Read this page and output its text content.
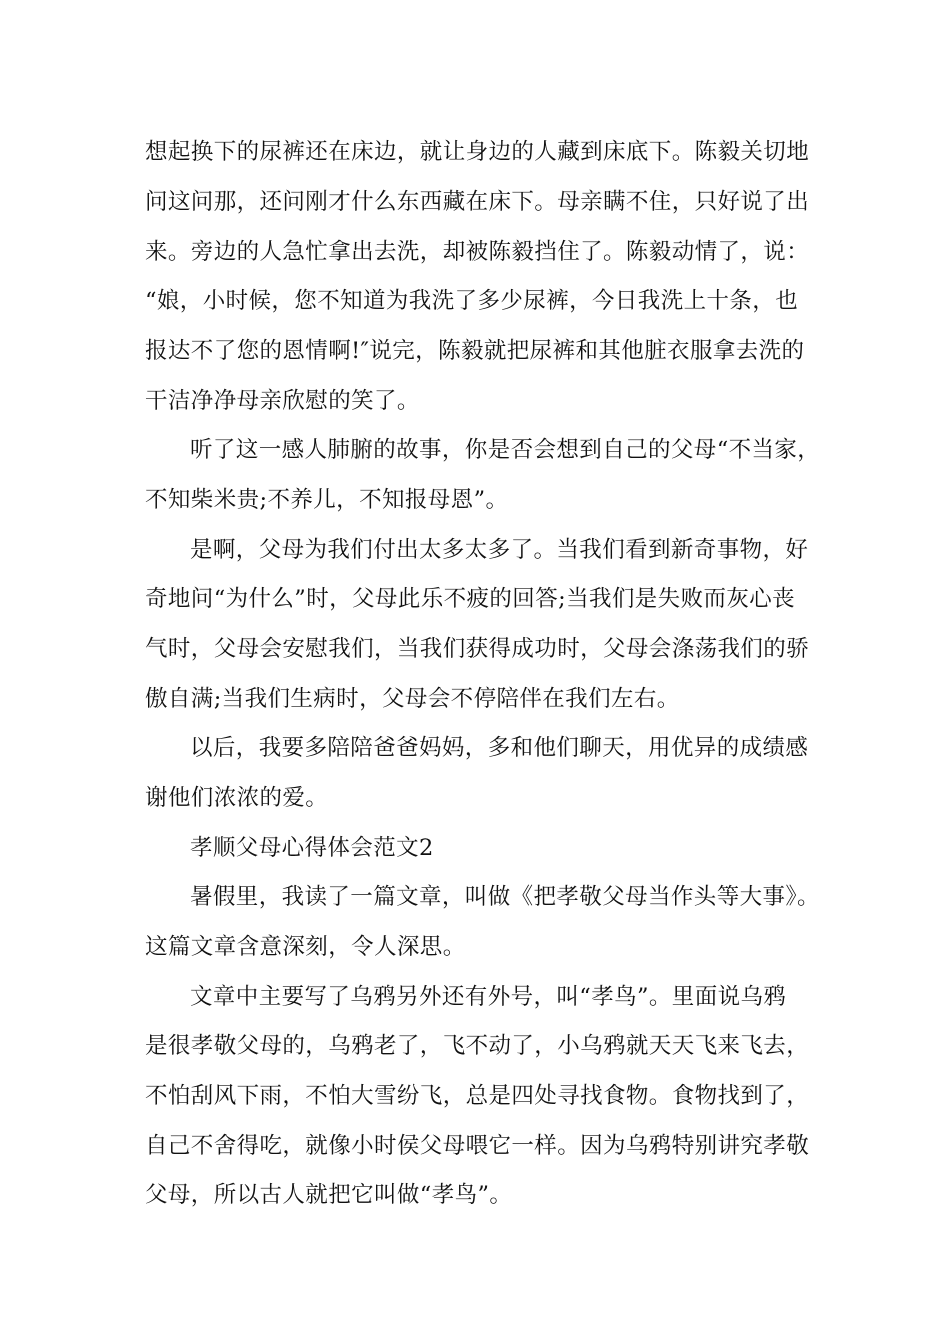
想起换下的尿裤还在床边，就让身边的人藏到床底下。陈毅关切地
问这问那，还问刚才什么东西藏在床下。母亲瞒不住，只好说了出
来。旁边的人急忙拿出去洗，却被陈毅挡住了。陈毅动情了，说：
“娘，小时候，您不知道为我洗了多少尿裤，今日我洗上十条，也
报达不了您的恩情啊!″说完，陈毅就把尿裤和其他脏衣服拿去洗的
干洁净净母亲欣慰的笑了。
听了这一感人肺腑的故事，你是否会想到自己的父母“不当家，
不知柴米贵;不养儿，不知报母恩”。
是啊，父母为我们付出太多太多了。当我们看到新奇事物，好
奇地问“为什么”时，父母此乐不疲的回答;当我们是失败而灰心丧
气时，父母会安慰我们，当我们获得成功时，父母会涤荡我们的骄
傲自满;当我们生病时，父母会不停陪伴在我们左右。
以后，我要多陪陪爸爸妈妈，多和他们聊天，用优异的成绩感
谢他们浓浓的爱。
孝顺父母心得体会范文2
暑假里，我读了一篇文章，叫做《把孝敬父母当作头等大事》。
这篇文章含意深刻，令人深思。
文章中主要写了乌鸦另外还有外号，叫“孝鸟”。里面说乌鸦
是很孝敬父母的，乌鸦老了，飞不动了，小乌鸦就天天飞来飞去，
不怕刮风下雨，不怕大雪纷飞，总是四处寻找食物。食物找到了，
自己不舍得吃，就像小时侯父母喂它一样。因为乌鸦特别讲究孝敬
父母，所以古人就把它叫做“孝鸟”。
